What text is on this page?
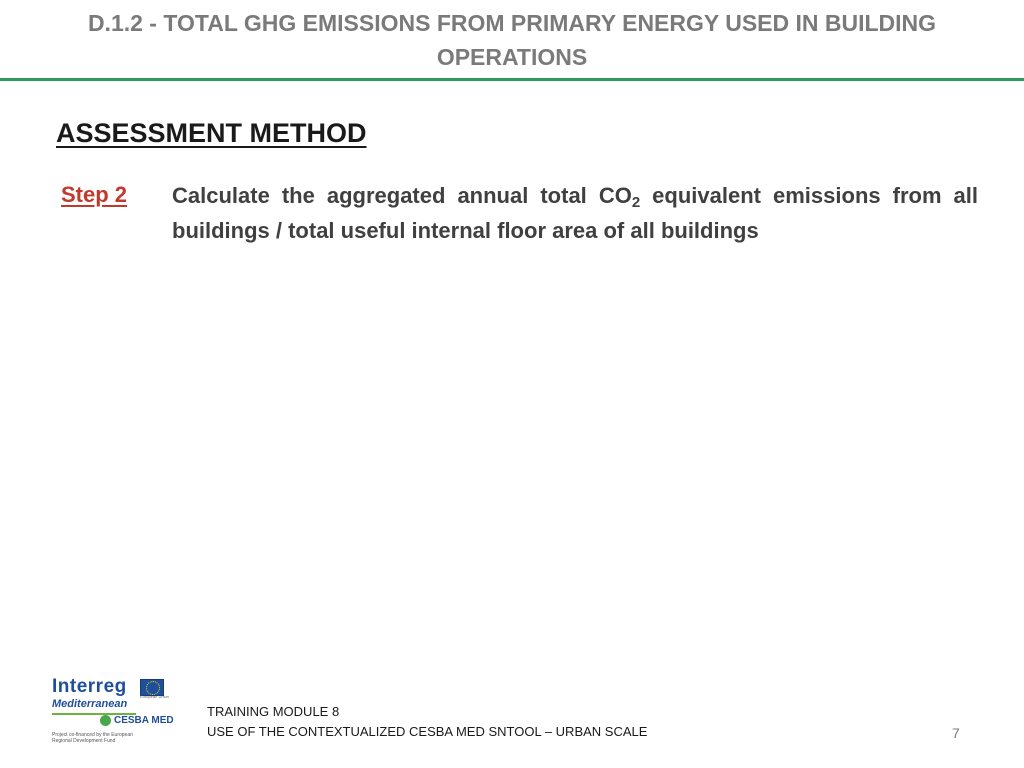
D.1.2 - TOTAL GHG EMISSIONS FROM PRIMARY ENERGY USED IN BUILDING OPERATIONS
ASSESSMENT METHOD
Step 2 Calculate the aggregated annual total $CO_2$ equivalent emissions from all buildings / total useful internal floor area of all buildings
Interreg	European Union
Mediterranean
CESBA MED
Project co-financed by the European Regional Development Fund
TRAINING MODULE 8
USE OF THE CONTEXTUALIZED CESBA MED SNTOOL – URBAN SCALE	7
